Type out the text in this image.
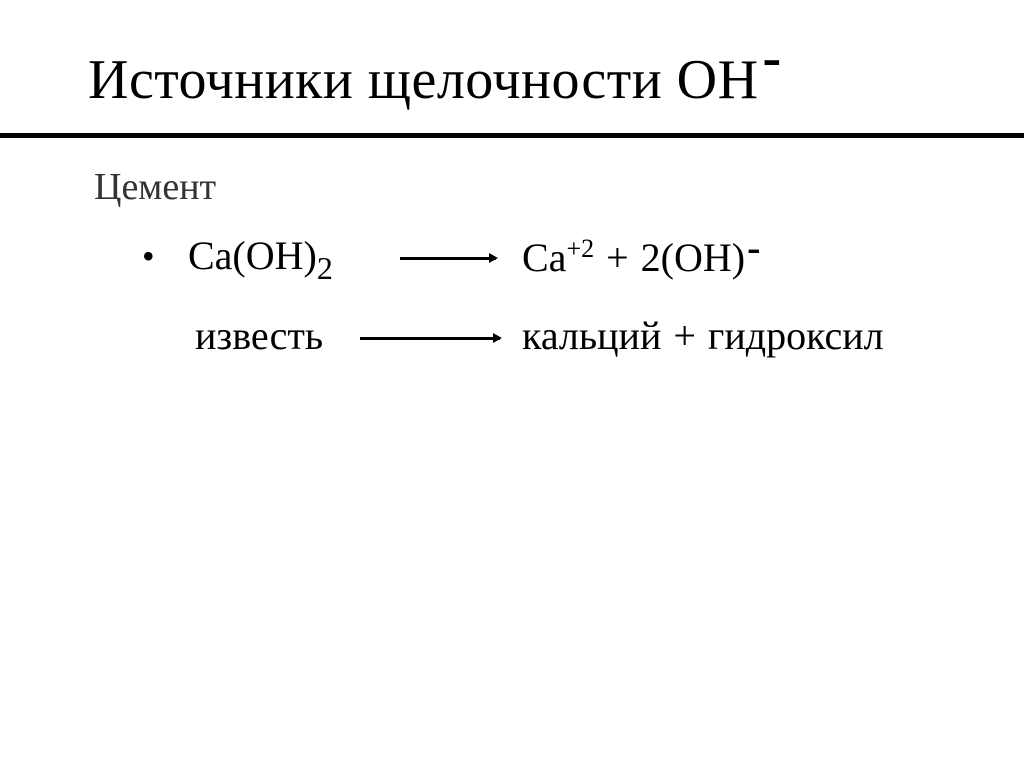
Источники щелочности ОН-
Цемент
• $Ca(OH)_2$	$Ca^{+2} + 2(OH)-$
известь	кальций + гидроксил
